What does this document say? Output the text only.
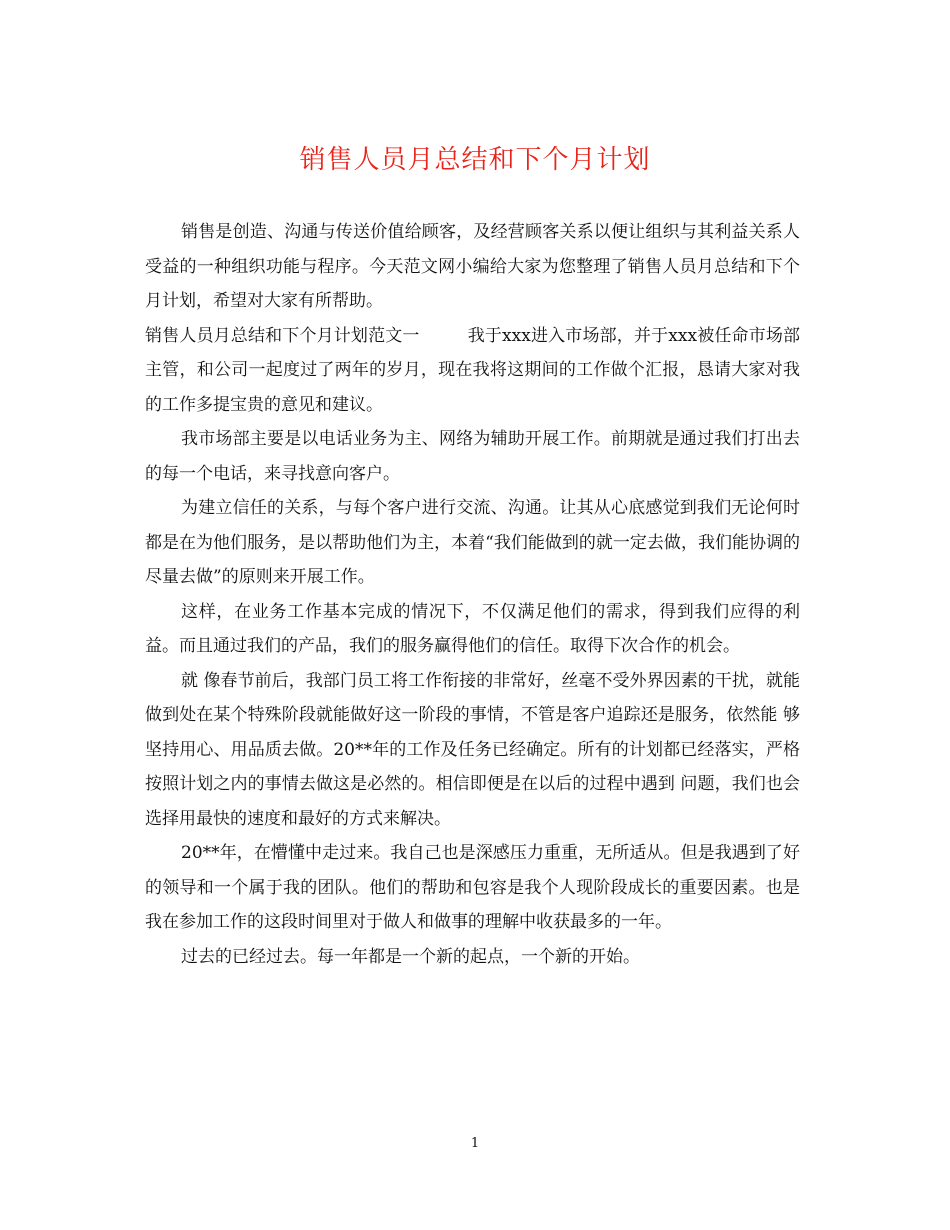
销售人员月总结和下个月计划

销售是创造、沟通与传送价值给顾客，及经营顾客关系以便让组织与其利益关系人受益的一种组织功能与程序。今天范文网小编给大家为您整理了销售人员月总结和下个月计划，希望对大家有所帮助。

销售人员月总结和下个月计划范文一	我于xxx进入市场部，并于xxx被任命市场部主管，和公司一起度过了两年的岁月，现在我将这期间的工作做个汇报，恳请大家对我的工作多提宝贵的意见和建议。

我市场部主要是以电话业务为主、网络为辅助开展工作。前期就是通过我们打出去的每一个电话，来寻找意向客户。

为建立信任的关系，与每个客户进行交流、沟通。让其从心底感觉到我们无论何时都是在为他们服务，是以帮助他们为主，本着“我们能做到的就一定去做，我们能协调的尽量去做”的原则来开展工作。

这样，在业务工作基本完成的情况下，不仅满足他们的需求，得到我们应得的利益。而且通过我们的产品，我们的服务赢得他们的信任。取得下次合作的机会。

就 像春节前后，我部门员工将工作衔接的非常好，丝毫不受外界因素的干扰，就能做到处在某个特殊阶段就能做好这一阶段的事情，不管是客户追踪还是服务，依然能 够坚持用心、用品质去做。20**年的工作及任务已经确定。所有的计划都已经落实，严格按照计划之内的事情去做这是必然的。相信即便是在以后的过程中遇到 问题，我们也会选择用最快的速度和最好的方式来解决。

20**年，在懵懂中走过来。我自己也是深感压力重重，无所适从。但是我遇到了好的领导和一个属于我的团队。他们的帮助和包容是我个人现阶段成长的重要因素。也是我在参加工作的这段时间里对于做人和做事的理解中收获最多的一年。

过去的已经过去。每一年都是一个新的起点，一个新的开始。

1
